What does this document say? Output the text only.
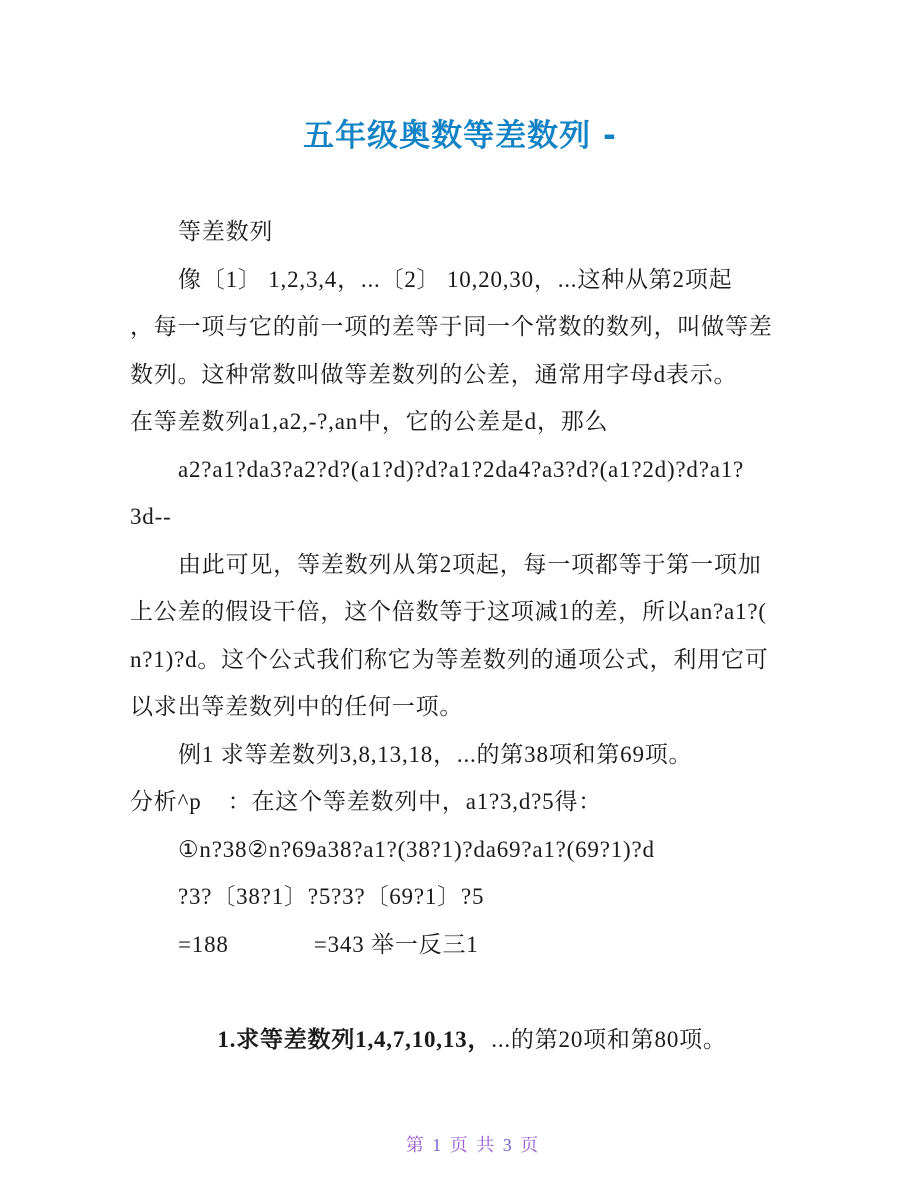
五年级奥数等差数列 -
等差数列
像〔1〕 1,2,3,4，...〔2〕 10,20,30，...这种从第2项起
，每一项与它的前一项的差等于同一个常数的数列，叫做等差
数列。这种常数叫做等差数列的公差，通常用字母d表示。
在等差数列a1,a2,-?,an中，它的公差是d，那么
a2?a1?da3?a2?d?(a1?d)?d?a1?2da4?a3?d?(a1?2d)?d?a1?
3d--
由此可见，等差数列从第2项起，每一项都等于第一项加
上公差的假设干倍，这个倍数等于这项减1的差，所以an?a1?(
n?1)?d。这个公式我们称它为等差数列的通项公式，利用它可
以求出等差数列中的任何一项。
例1 求等差数列3,8,13,18，...的第38项和第69项。
分析^p    ：在这个等差数列中，a1?3,d?5得：
①n?38②n?69a38?a1?(38?1)?da69?a1?(69?1)?d
?3?〔38?1〕?5?3?〔69?1〕?5
=188             =343 举一反三1

1.求等差数列1,4,7,10,13，...的第20项和第80项。

第 1 页 共 3 页
